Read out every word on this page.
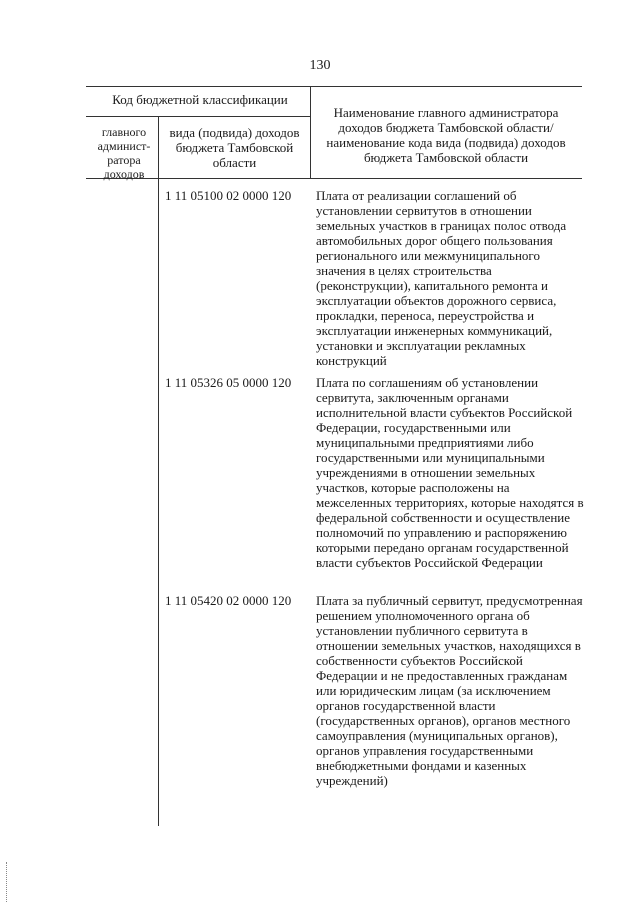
130
Код бюджетной классификации
главного админист-ратора доходов
вида (подвида) доходов бюджета Тамбовской области
Наименование главного администратора доходов бюджета Тамбовской области/наименование кода вида (подвида) доходов бюджета Тамбовской области
1 11 05100 02 0000 120	Плата от реализации соглашений об установлении сервитутов в отношении земельных участков в границах полос отвода автомобильных дорог общего пользования регионального или межмуниципального значения в целях строительства (реконструкции), капитального ремонта и эксплуатации объектов дорожного сервиса, прокладки, переноса, переустройства и эксплуатации инженерных коммуникаций, установки и эксплуатации рекламных конструкций

1 11 05326 05 0000 120	Плата по соглашениям об установлении сервитута, заключенным органами исполнительной власти субъектов Российской Федерации, государственными или муниципальными предприятиями либо государственными или муниципальными учреждениями в отношении земельных участков, которые расположены на межселенных территориях, которые находятся в федеральной собственности и осуществление полномочий по управлению и распоряжению которыми передано органам государственной власти субъектов Российской Федерации

1 11 05420 02 0000 120	Плата за публичный сервитут, предусмотренная решением уполномоченного органа об установлении публичного сервитута в отношении земельных участков, находящихся в собственности субъектов Российской Федерации и не предоставленных гражданам или юридическим лицам (за исключением органов государственной власти (государственных органов), органов местного самоуправления (муниципальных органов), органов управления государственными внебюджетными фондами и казенных учреждений)
